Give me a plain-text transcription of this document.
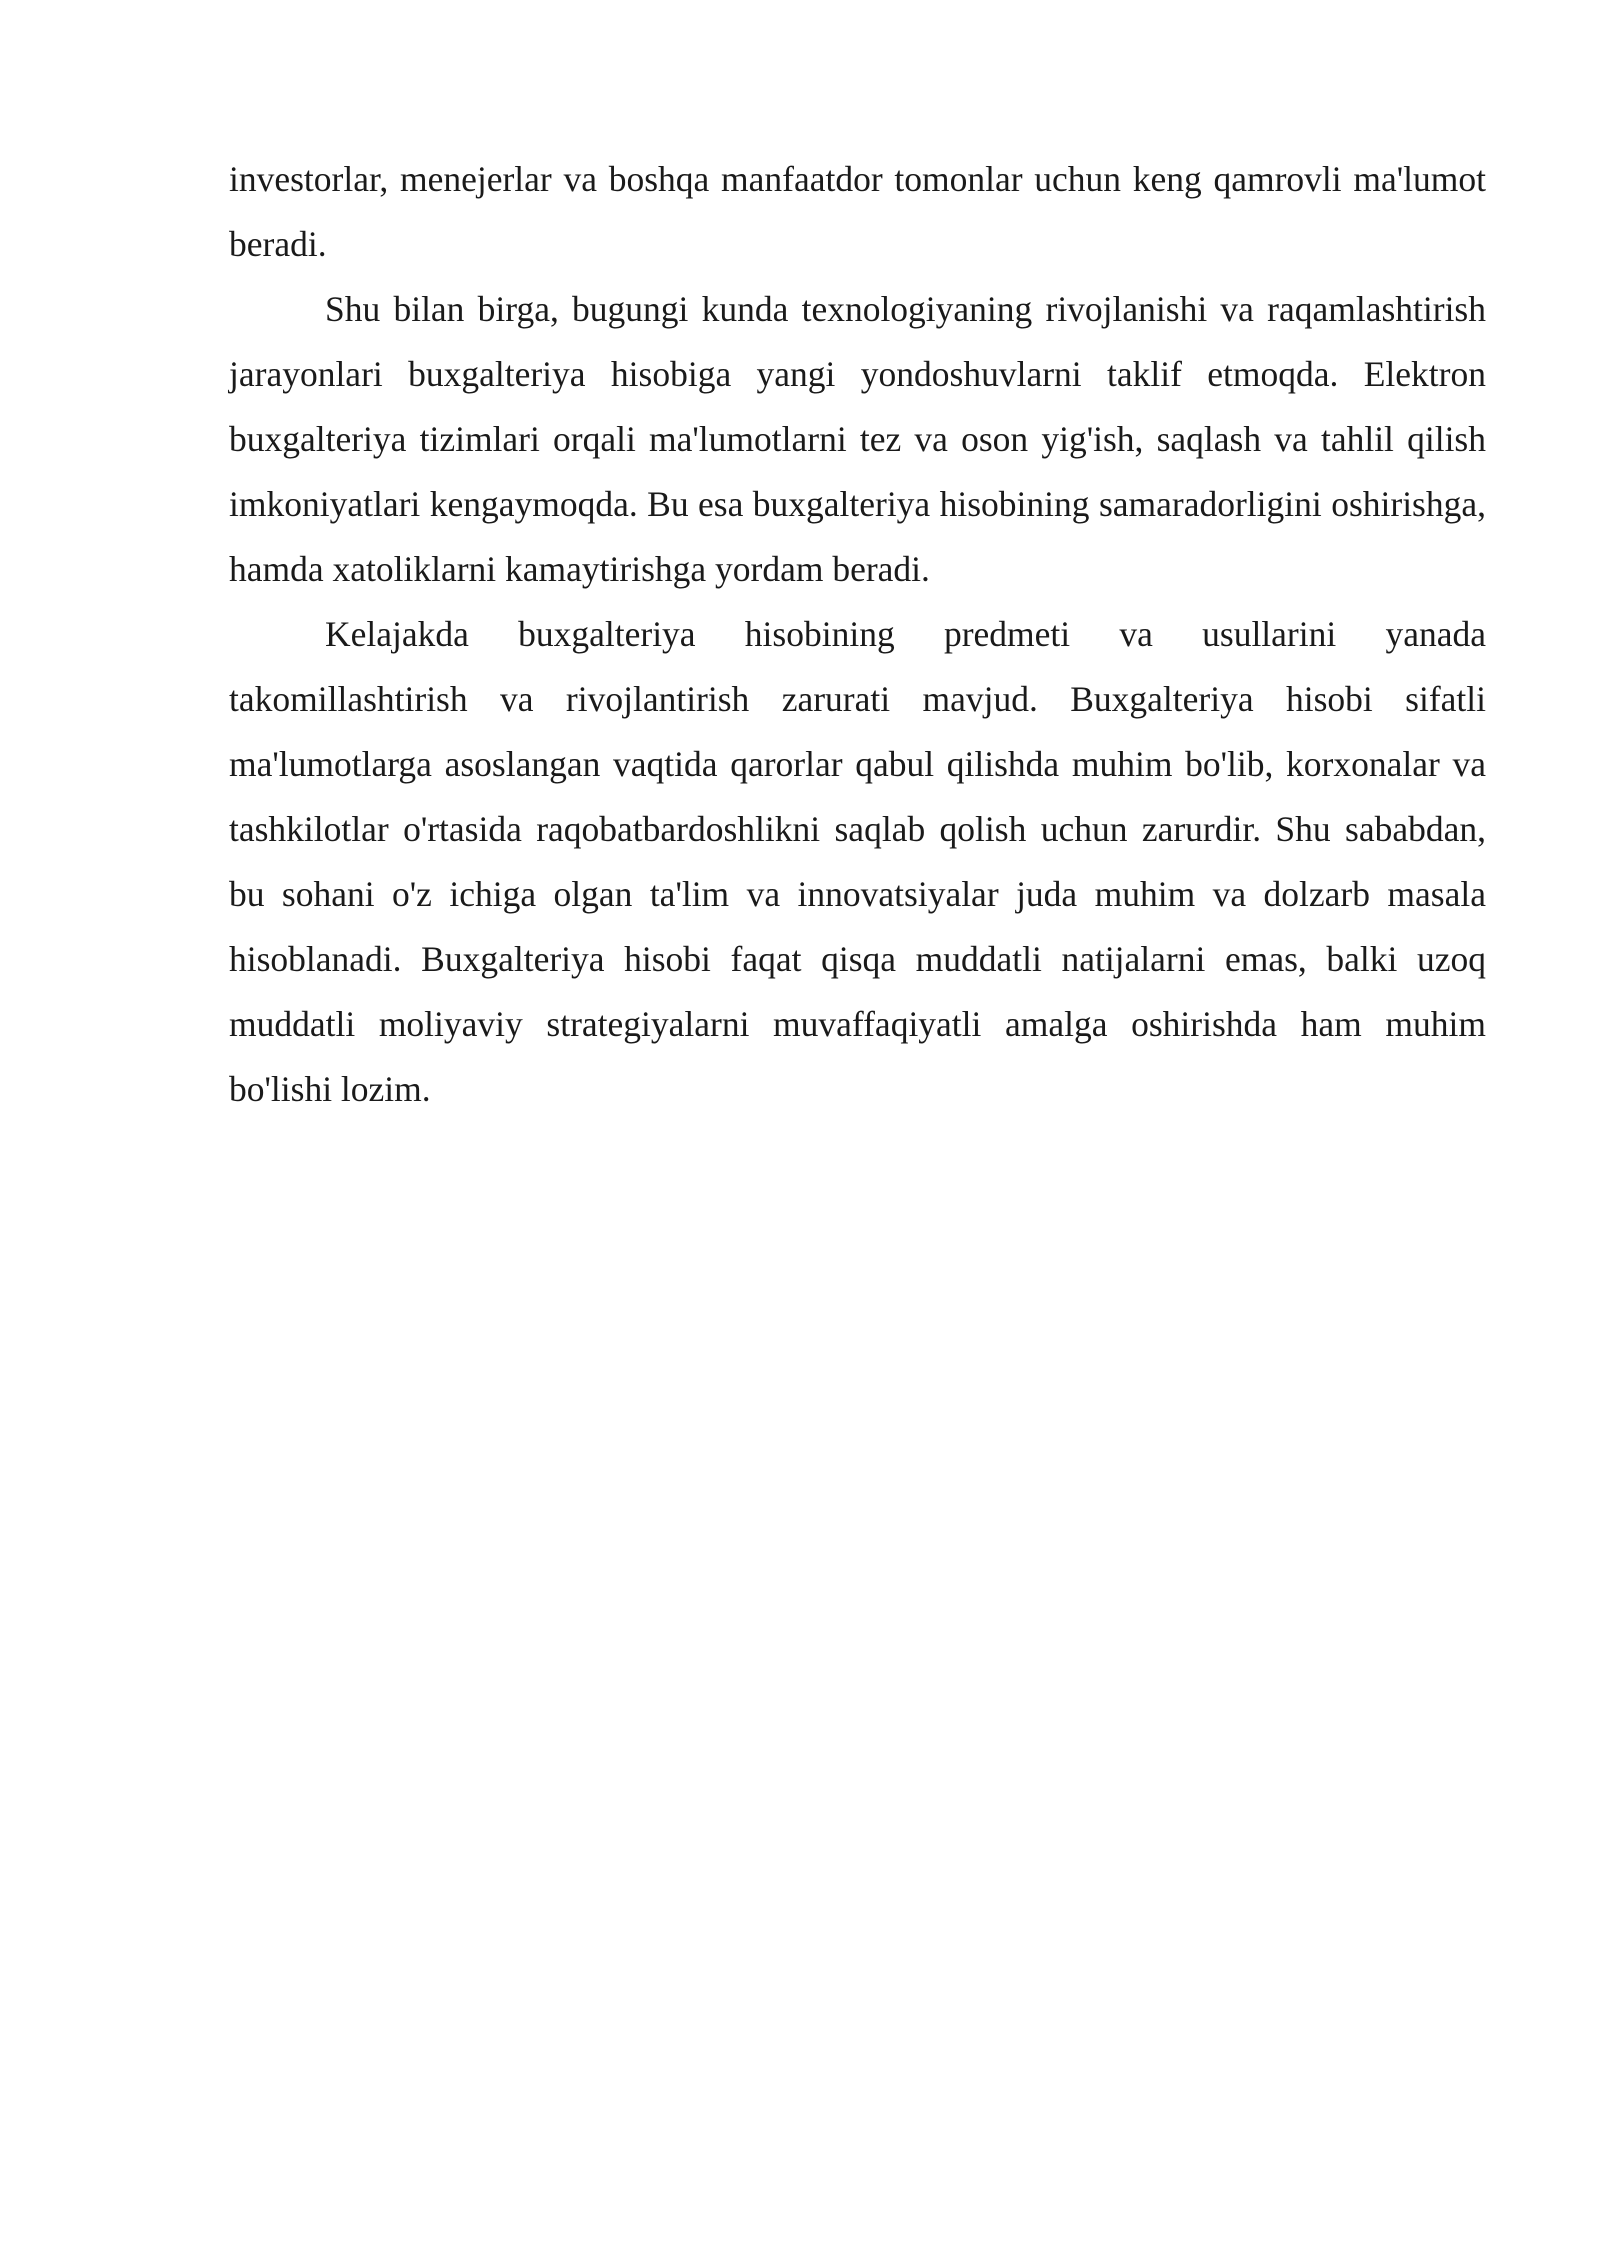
investorlar, menejerlar va boshqa manfaatdor tomonlar uchun keng qamrovli ma'lumot beradi.

Shu bilan birga, bugungi kunda texnologiyaning rivojlanishi va raqamlashtirish jarayonlari buxgalteriya hisobiga yangi yondoshuvlarni taklif etmoqda. Elektron buxgalteriya tizimlari orqali ma'lumotlarni tez va oson yig'ish, saqlash va tahlil qilish imkoniyatlari kengaymoqda. Bu esa buxgalteriya hisobining samaradorligini oshirishga, hamda xatoliklarni kamaytirishga yordam beradi.

Kelajakda buxgalteriya hisobining predmeti va usullarini yanada takomillashtirish va rivojlantirish zarurati mavjud. Buxgalteriya hisobi sifatli ma'lumotlarga asoslangan vaqtida qarorlar qabul qilishda muhim bo'lib, korxonalar va tashkilotlar o'rtasida raqobatbardoshlikni saqlab qolish uchun zarurdir. Shu sababdan, bu sohani o'z ichiga olgan ta'lim va innovatsiyalar juda muhim va dolzarb masala hisoblanadi. Buxgalteriya hisobi faqat qisqa muddatli natijalarni emas, balki uzoq muddatli moliyaviy strategiyalarni muvaffaqiyatli amalga oshirishda ham muhim bo'lishi lozim.
